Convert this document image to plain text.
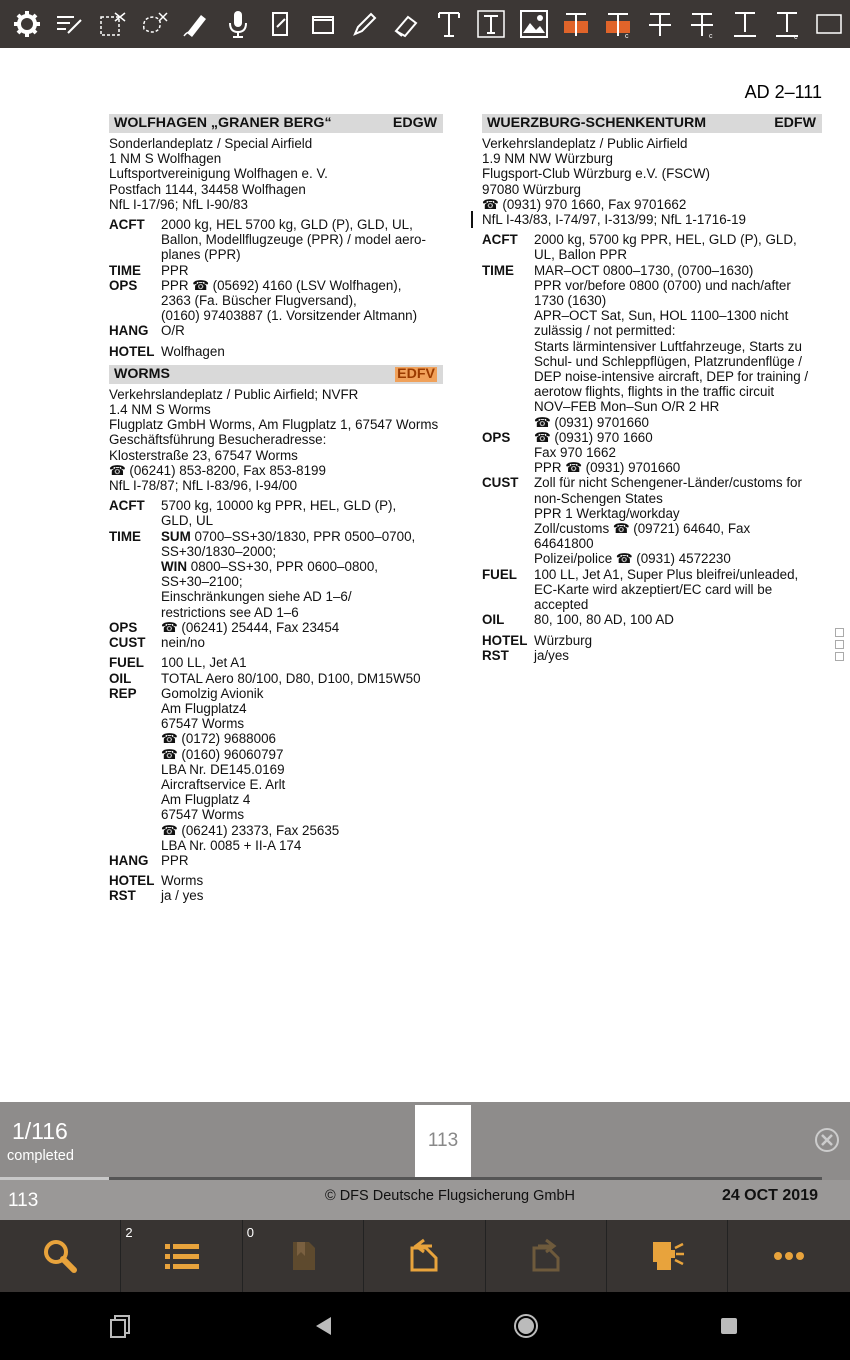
c	c	c
AD 2–111
WOLFHAGEN „GRANER BERG“	EDGW
Sonderlandeplatz / Special Airfield
1 NM S Wolfhagen
Luftsportvereinigung Wolfhagen e. V.
Postfach 1144, 34458 Wolfhagen
NfL I-17/96; NfL I-90/83
ACFT	2000 kg, HEL 5700 kg, GLD (P), GLD, UL,
Ballon, Modellflugzeuge (PPR) / model aero-
planes (PPR)
TIME	PPR
OPS	PPR ☎ (05692) 4160 (LSV Wolfhagen),
2363 (Fa. Büscher Flugversand),
(0160) 97403887 (1. Vorsitzender Altmann)
HANG O/R
HOTEL Wolfhagen
WORMS	EDFV
Verkehrslandeplatz / Public Airfield; NVFR
1.4 NM S Worms
Flugplatz GmbH Worms, Am Flugplatz 1, 67547 Worms
Geschäftsführung Besucheradresse:
Klosterstraße 23, 67547 Worms
☎ (06241) 853-8200, Fax 853-8199
NfL I-78/87; NfL I-83/96, I-94/00
ACFT	5700 kg, 10000 kg PPR, HEL, GLD (P),
GLD, UL
TIME	SUM 0700–SS+30/1830, PPR 0500–0700,
SS+30/1830–2000;
WIN 0800–SS+30, PPR 0600–0800,
SS+30–2100;
Einschränkungen siehe AD 1–6/
restrictions see AD 1–6
OPS	☎ (06241) 25444, Fax 23454
CUST	nein/no
FUEL	100 LL, Jet A1
OIL	TOTAL Aero 80/100, D80, D100, DM15W50
REP	Gomolzig Avionik
Am Flugplatz4
67547 Worms
☎ (0172) 9688006
☎ (0160) 96060797
LBA Nr. DE145.0169
Aircraftservice E. Arlt
Am Flugplatz 4
67547 Worms
☎ (06241) 23373, Fax 25635
LBA Nr. 0085 + II-A 174
HANG PPR
HOTEL Worms
RST	ja / yes
WUERZBURG-SCHENKENTURM	EDFW
Verkehrslandeplatz / Public Airfield
1.9 NM NW Würzburg
Flugsport-Club Würzburg e.V. (FSCW)
97080 Würzburg
☎ (0931) 970 1660, Fax 9701662
NfL I-43/83, I-74/97, I-313/99; NfL 1-1716-19
ACFT	2000 kg, 5700 kg PPR, HEL, GLD (P), GLD,
UL, Ballon PPR
TIME	MAR–OCT 0800–1730, (0700–1630)
PPR vor/before 0800 (0700) und nach/after
1730 (1630)
APR–OCT Sat, Sun, HOL 1100–1300 nicht
zulässig / not permitted:
Starts lärmintensiver Luftfahrzeuge, Starts zu
Schul- und Schleppflügen, Platzrundenflüge /
DEP noise-intensive aircraft, DEP for training /
aerotow flights, flights in the traffic circuit
NOV–FEB Mon–Sun O/R 2 HR
☎ (0931) 9701660
OPS	☎ (0931) 970 1660
Fax 970 1662
PPR ☎ (0931) 9701660
CUST	Zoll für nicht Schengener-Länder/customs for
non-Schengen States
PPR 1 Werktag/workday
Zoll/customs ☎ (09721) 64640, Fax
64641800
Polizei/police ☎ (0931) 4572230
FUEL	100 LL, Jet A1, Super Plus bleifrei/unleaded,
EC-Karte wird akzeptiert/EC card will be
accepted
OIL	80, 100, 80 AD, 100 AD
HOTEL Würzburg
RST	ja/yes
1/116
completed
113
113	© DFS Deutsche Flugsicherung GmbH	24 OCT 2019
2	0
